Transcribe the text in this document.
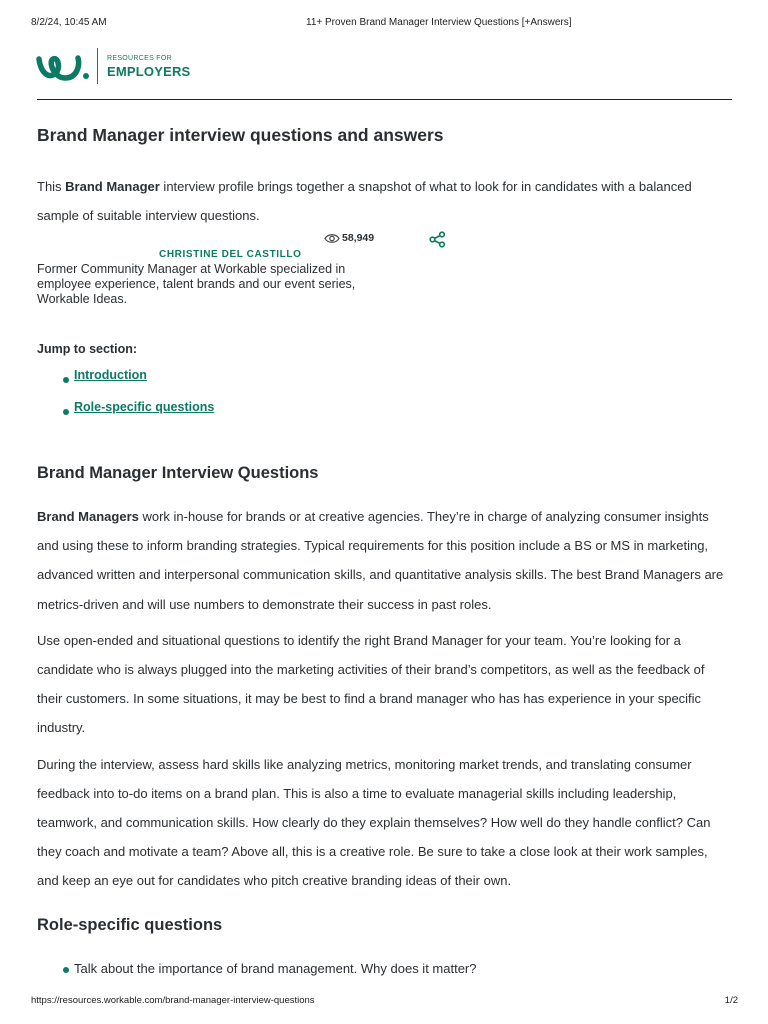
8/2/24, 10:45 AM	11+ Proven Brand Manager Interview Questions [+Answers]
RESOURCES FOR
EMPLOYERS
Brand Manager interview questions and answers

This Brand Manager interview profile brings together a snapshot of what to look for in candidates with a balanced sample of suitable interview questions.

58,949
CHRISTINE DEL CASTILLO

Former Community Manager at Workable specialized in employee experience, talent brands and our event series, Workable Ideas.

Jump to section:
Introduction
Role-specific questions
Brand Manager Interview Questions

Brand Managers work in-house for brands or at creative agencies. They’re in charge of analyzing consumer insights and using these to inform branding strategies. Typical requirements for this position include a BS or MS in marketing, advanced written and interpersonal communication skills, and quantitative analysis skills. The best Brand Managers are metrics-driven and will use numbers to demonstrate their success in past roles.

Use open-ended and situational questions to identify the right Brand Manager for your team. You’re looking for a candidate who is always plugged into the marketing activities of their brand’s competitors, as well as the feedback of their customers. In some situations, it may be best to find a brand manager who has has experience in your specific industry.

During the interview, assess hard skills like analyzing metrics, monitoring market trends, and translating consumer feedback into to-do items on a brand plan. This is also a time to evaluate managerial skills including leadership, teamwork, and communication skills. How clearly do they explain themselves? How well do they handle conflict? Can they coach and motivate a team? Above all, this is a creative role. Be sure to take a close look at their work samples, and keep an eye out for candidates who pitch creative branding ideas of their own.

Role-specific questions
Talk about the importance of brand management. Why does it matter?
https://resources.workable.com/brand-manager-interview-questions	1/2
